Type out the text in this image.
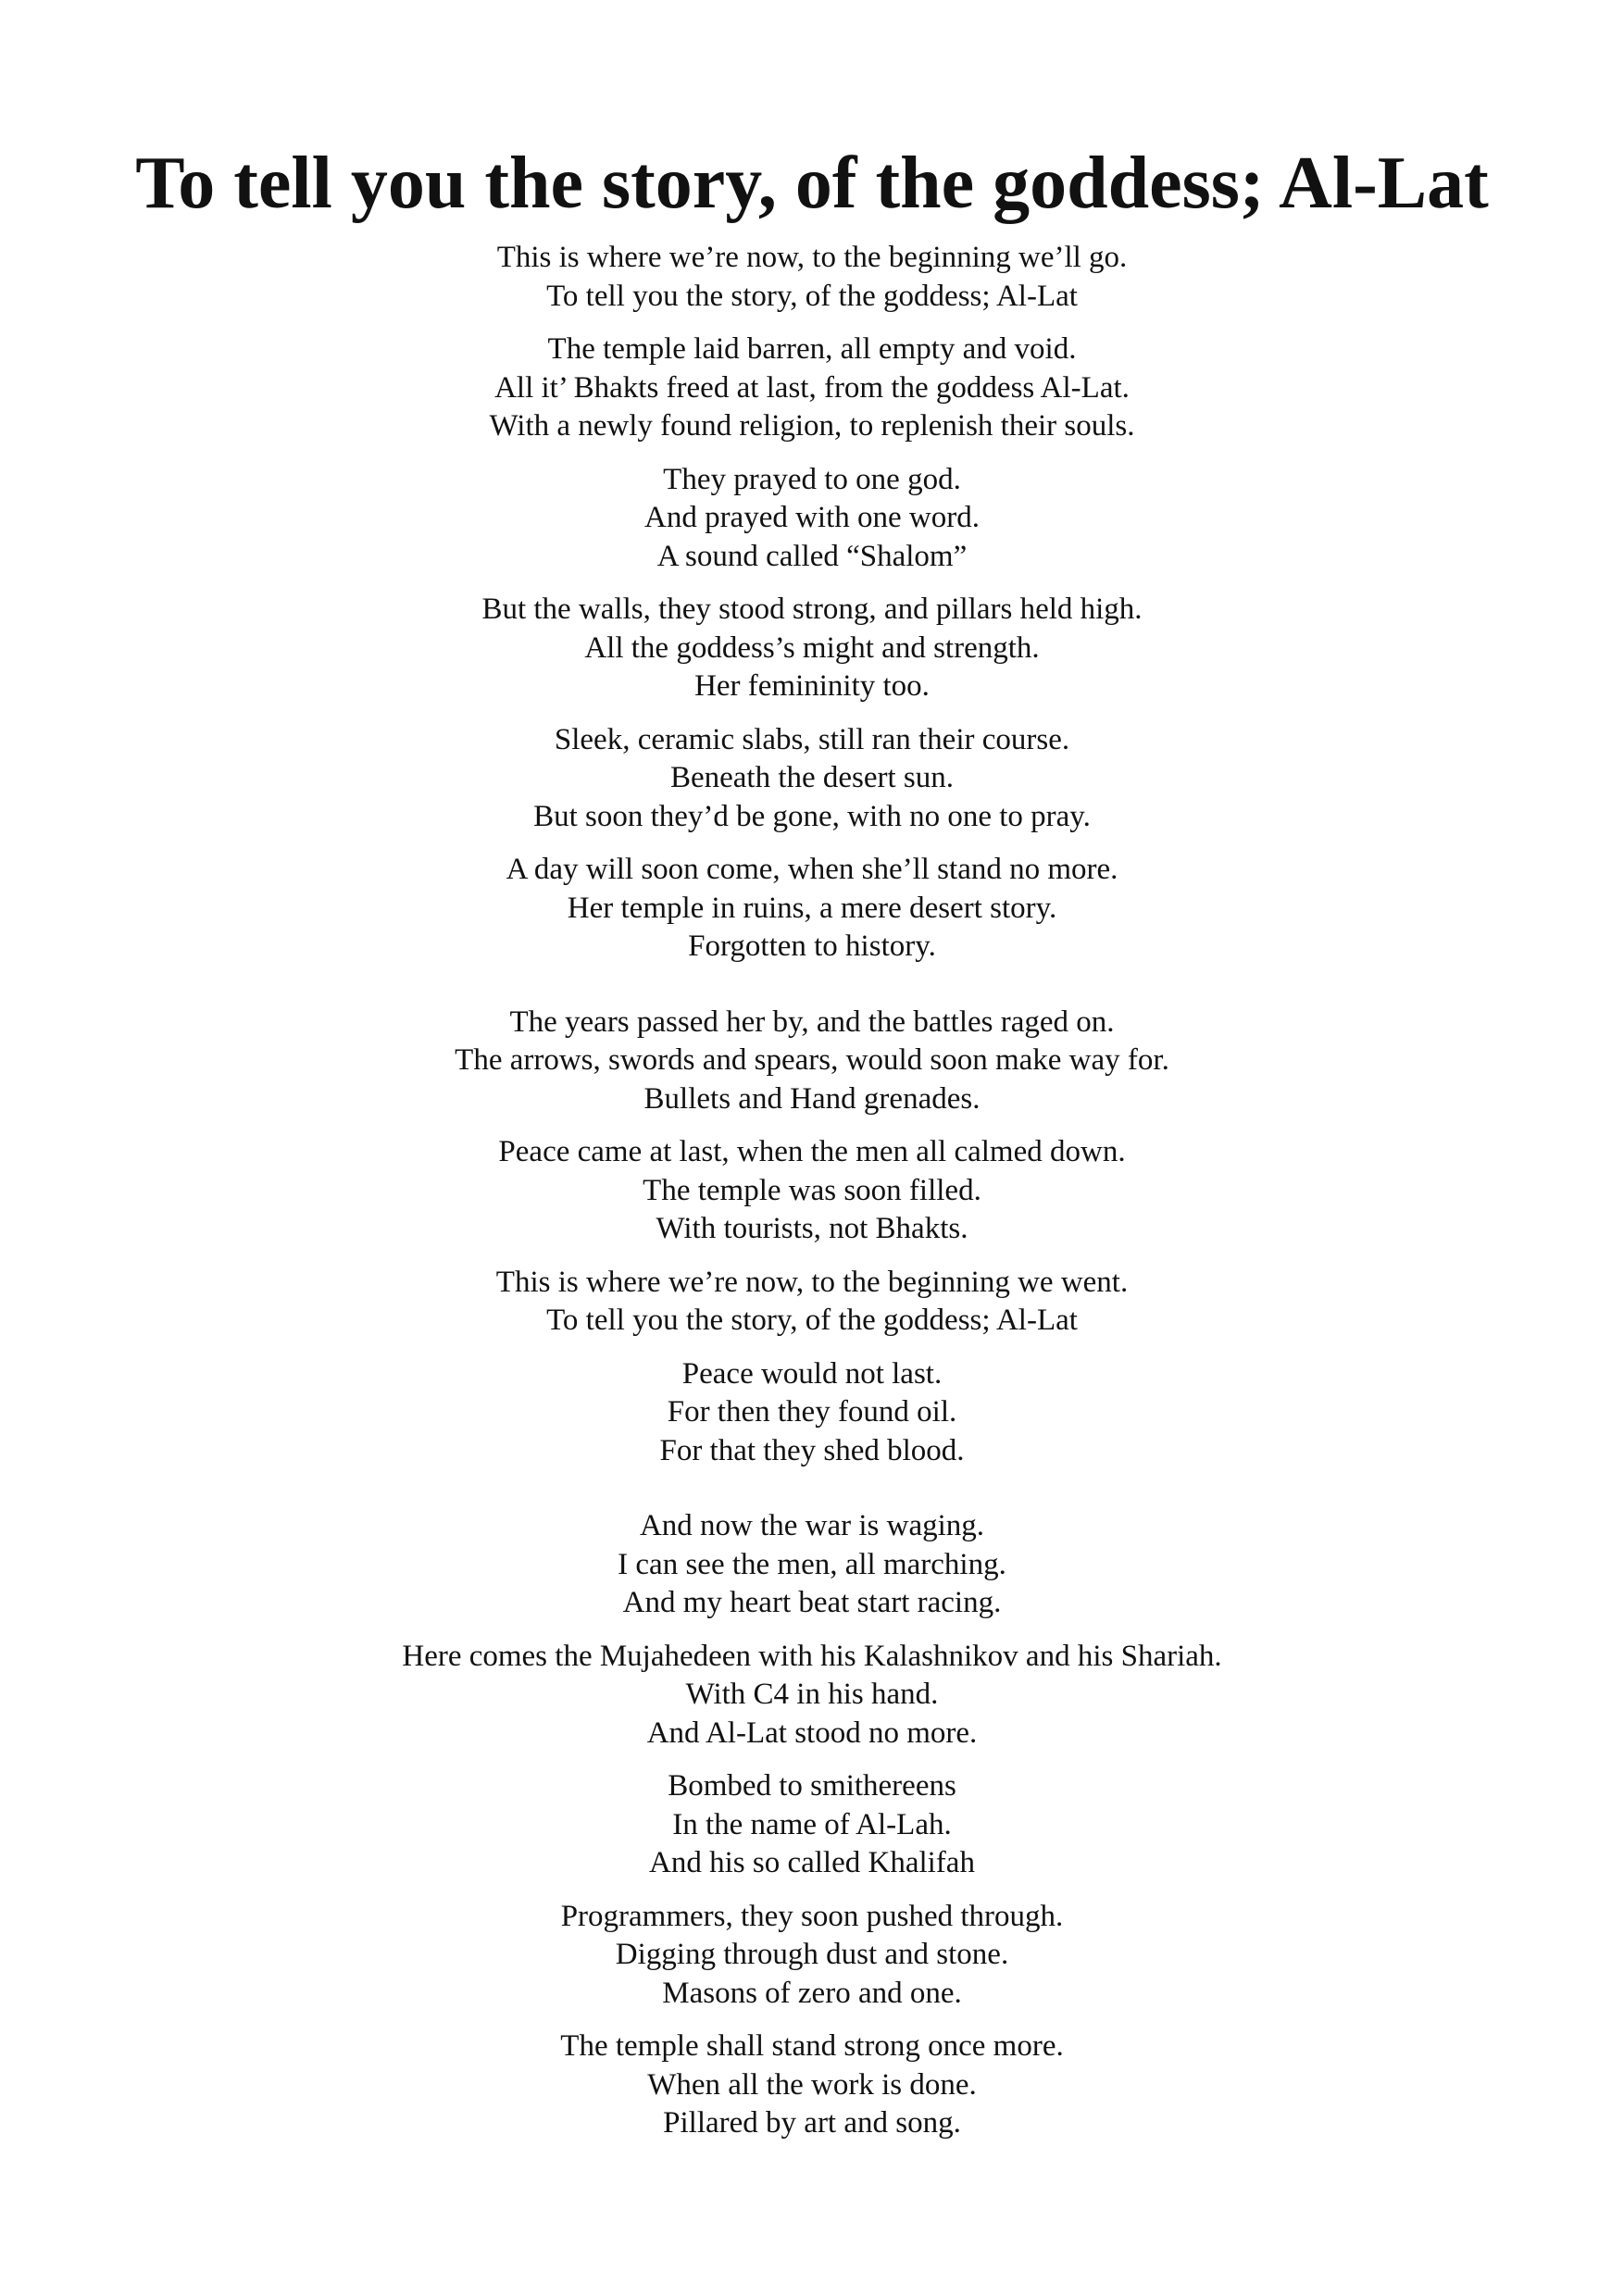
To tell you the story, of the goddess; Al-Lat
This is where we’re now, to the beginning we’ll go.
To tell you the story, of the goddess; Al-Lat
The temple laid barren, all empty and void.
All it’ Bhakts freed at last, from the goddess Al-Lat.
With a newly found religion, to replenish their souls.
They prayed to one god.
And prayed with one word.
A sound called “Shalom”
But the walls, they stood strong, and pillars held high.
All the goddess’s might and strength.
Her femininity too.
Sleek, ceramic slabs, still ran their course.
Beneath the desert sun.
But soon they’d be gone, with no one to pray.
A day will soon come, when she’ll stand no more.
Her temple in ruins, a mere desert story.
Forgotten to history.
The years passed her by, and the battles raged on.
The arrows, swords and spears, would soon make way for.
Bullets and Hand grenades.
Peace came at last, when the men all calmed down.
The temple was soon filled.
With tourists, not Bhakts.
This is where we’re now, to the beginning we went.
To tell you the story, of the goddess; Al-Lat
Peace would not last.
For then they found oil.
For that they shed blood.
And now the war is waging.
I can see the men, all marching.
And my heart beat start racing.
Here comes the Mujahedeen with his Kalashnikov and his Shariah.
With C4 in his hand.
And Al-Lat stood no more.
Bombed to smithereens
In the name of Al-Lah.
And his so called Khalifah
Programmers, they soon pushed through.
Digging through dust and stone.
Masons of zero and one.
The temple shall stand strong once more.
When all the work is done.
Pillared by art and song.
